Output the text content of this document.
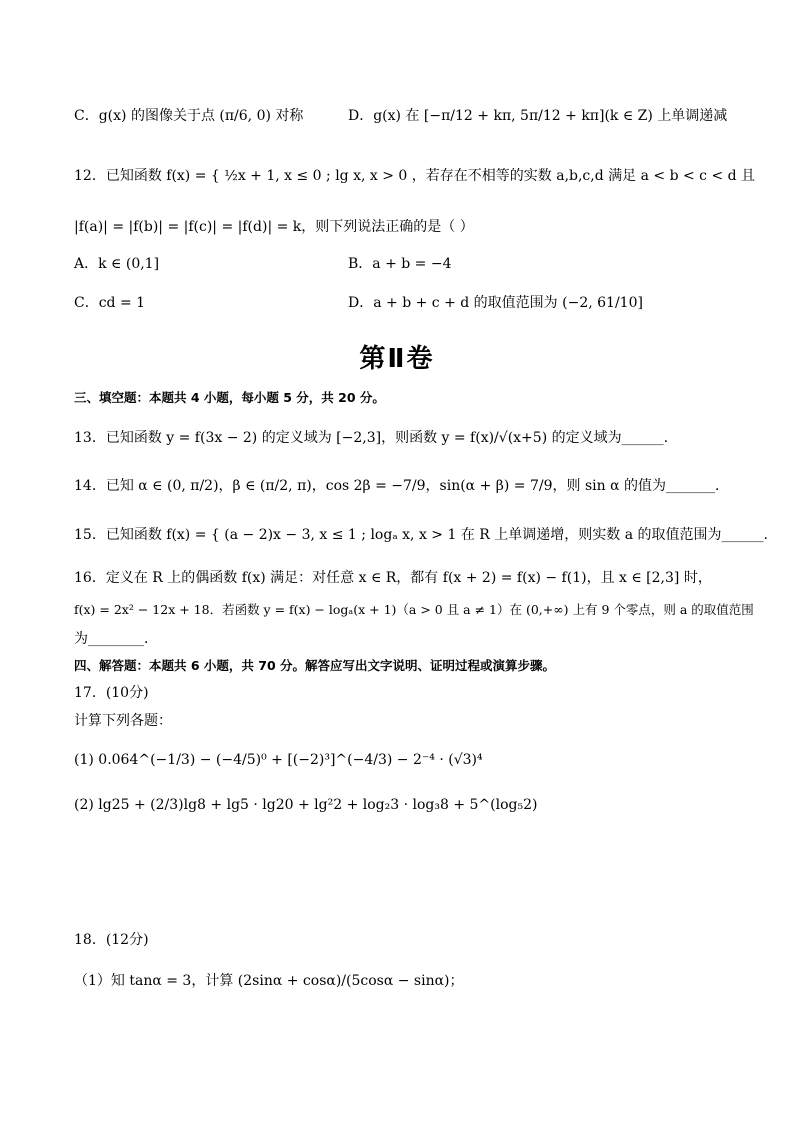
C．g(x) 的图像关于点 (π/6, 0) 对称	D．g(x) 在 [−π/12 + kπ, 5π/12 + kπ](k ∈ Z) 上单调递减
12．已知函数 f(x) = { ½x + 1, x ≤ 0 ; lg x, x > 0 ，若存在不相等的实数 a,b,c,d 满足 a < b < c < d 且
|f(a)| = |f(b)| = |f(c)| = |f(d)| = k，则下列说法正确的是（ ）
A．k ∈ (0,1]	B．a + b = −4
C．cd = 1	D．a + b + c + d 的取值范围为 (−2, 61/10]
第Ⅱ卷
三、填空题：本题共 4 小题，每小题 5 分，共 20 分。
13．已知函数 y = f(3x − 2) 的定义域为 [−2,3]，则函数 y = f(x)/√(x+5) 的定义域为______.
14．已知 α ∈ (0, π/2)，β ∈ (π/2, π)，cos 2β = −7/9，sin(α + β) = 7/9，则 sin α 的值为_______．
15．已知函数 f(x) = { (a − 2)x − 3, x ≤ 1 ; logₐ x, x > 1 在 R 上单调递增，则实数 a 的取值范围为______.
16．定义在 R 上的偶函数 f(x) 满足：对任意 x ∈ R，都有 f(x + 2) = f(x) − f(1)，且 x ∈ [2,3] 时，
f(x) = 2x² − 12x + 18．若函数 y = f(x) − logₐ(x + 1)（a > 0 且 a ≠ 1）在 (0,+∞) 上有 9 个零点，则 a 的取值范围
为________．
四、解答题：本题共 6 小题，共 70 分。解答应写出文字说明、证明过程或演算步骤。
17．(10分)
计算下列各题：
(1) 0.064^(−1/3) − (−4/5)⁰ + [(−2)³]^(−4/3) − 2⁻⁴ · (√3)⁴
(2) lg25 + (2/3)lg8 + lg5 · lg20 + lg²2 + log₂3 · log₃8 + 5^(log₅2)
18．(12分)
（1）知 tanα = 3，计算 (2sinα + cosα)/(5cosα − sinα)；
